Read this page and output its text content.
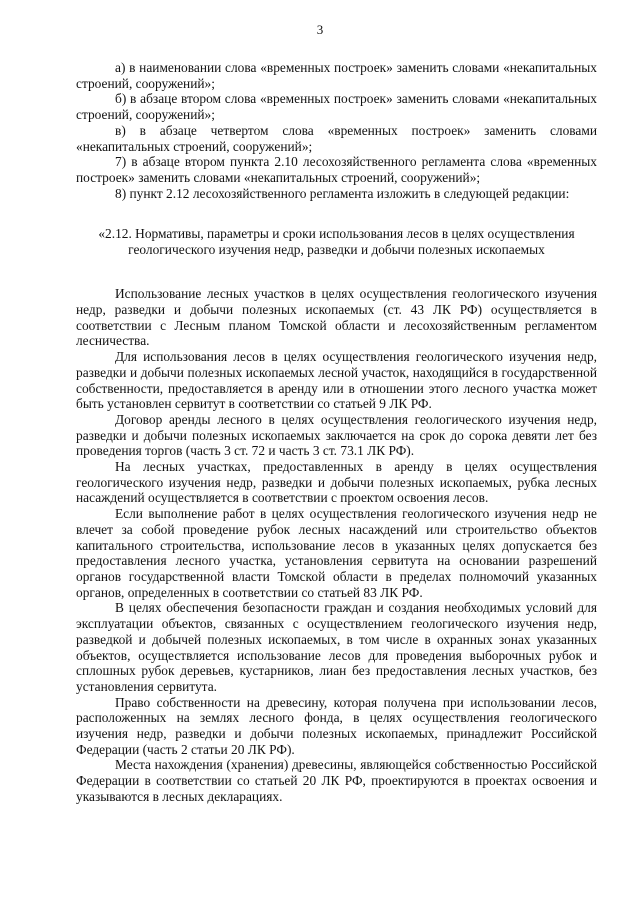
3

а) в наименовании слова «временных построек» заменить словами «некапитальных строений, сооружений»;

б) в абзаце втором слова «временных построек» заменить словами «некапитальных строений, сооружений»;

в) в абзаце четвертом слова «временных построек» заменить словами «некапитальных строений, сооружений»;

7) в абзаце втором пункта 2.10 лесохозяйственного регламента слова «временных построек» заменить словами «некапитальных строений, сооружений»;

8) пункт 2.12 лесохозяйственного регламента изложить в следующей редакции:

«2.12. Нормативы, параметры и сроки использования лесов в целях осуществления геологического изучения недр, разведки и добычи полезных ископаемых

Использование лесных участков в целях осуществления геологического изучения недр, разведки и добычи полезных ископаемых (ст. 43 ЛК РФ) осуществляется в соответствии с Лесным планом Томской области и лесохозяйственным регламентом лесничества.

Для использования лесов в целях осуществления геологического изучения недр, разведки и добычи полезных ископаемых лесной участок, находящийся в государственной собственности, предоставляется в аренду или в отношении этого лесного участка может быть установлен сервитут в соответствии со статьей 9 ЛК РФ.

Договор аренды лесного в целях осуществления геологического изучения недр, разведки и добычи полезных ископаемых заключается на срок до сорока девяти лет без проведения торгов (часть 3 ст. 72 и часть 3 ст. 73.1 ЛК РФ).

На лесных участках, предоставленных в аренду в целях осуществления геологического изучения недр, разведки и добычи полезных ископаемых, рубка лесных насаждений осуществляется в соответствии с проектом освоения лесов.

Если выполнение работ в целях осуществления геологического изучения недр не влечет за собой проведение рубок лесных насаждений или строительство объектов капитального строительства, использование лесов в указанных целях допускается без предоставления лесного участка, установления сервитута на основании разрешений органов государственной власти Томской области в пределах полномочий указанных органов, определенных в соответствии со статьей 83 ЛК РФ.

В целях обеспечения безопасности граждан и создания необходимых условий для эксплуатации объектов, связанных с осуществлением геологического изучения недр, разведкой и добычей полезных ископаемых, в том числе в охранных зонах указанных объектов, осуществляется использование лесов для проведения выборочных рубок и сплошных рубок деревьев, кустарников, лиан без предоставления лесных участков, без установления сервитута.

Право собственности на древесину, которая получена при использовании лесов, расположенных на землях лесного фонда, в целях осуществления геологического изучения недр, разведки и добычи полезных ископаемых, принадлежит Российской Федерации (часть 2 статьи 20 ЛК РФ).

Места нахождения (хранения) древесины, являющейся собственностью Российской Федерации в соответствии со статьей 20 ЛК РФ, проектируются в проектах освоения и указываются в лесных декларациях.
